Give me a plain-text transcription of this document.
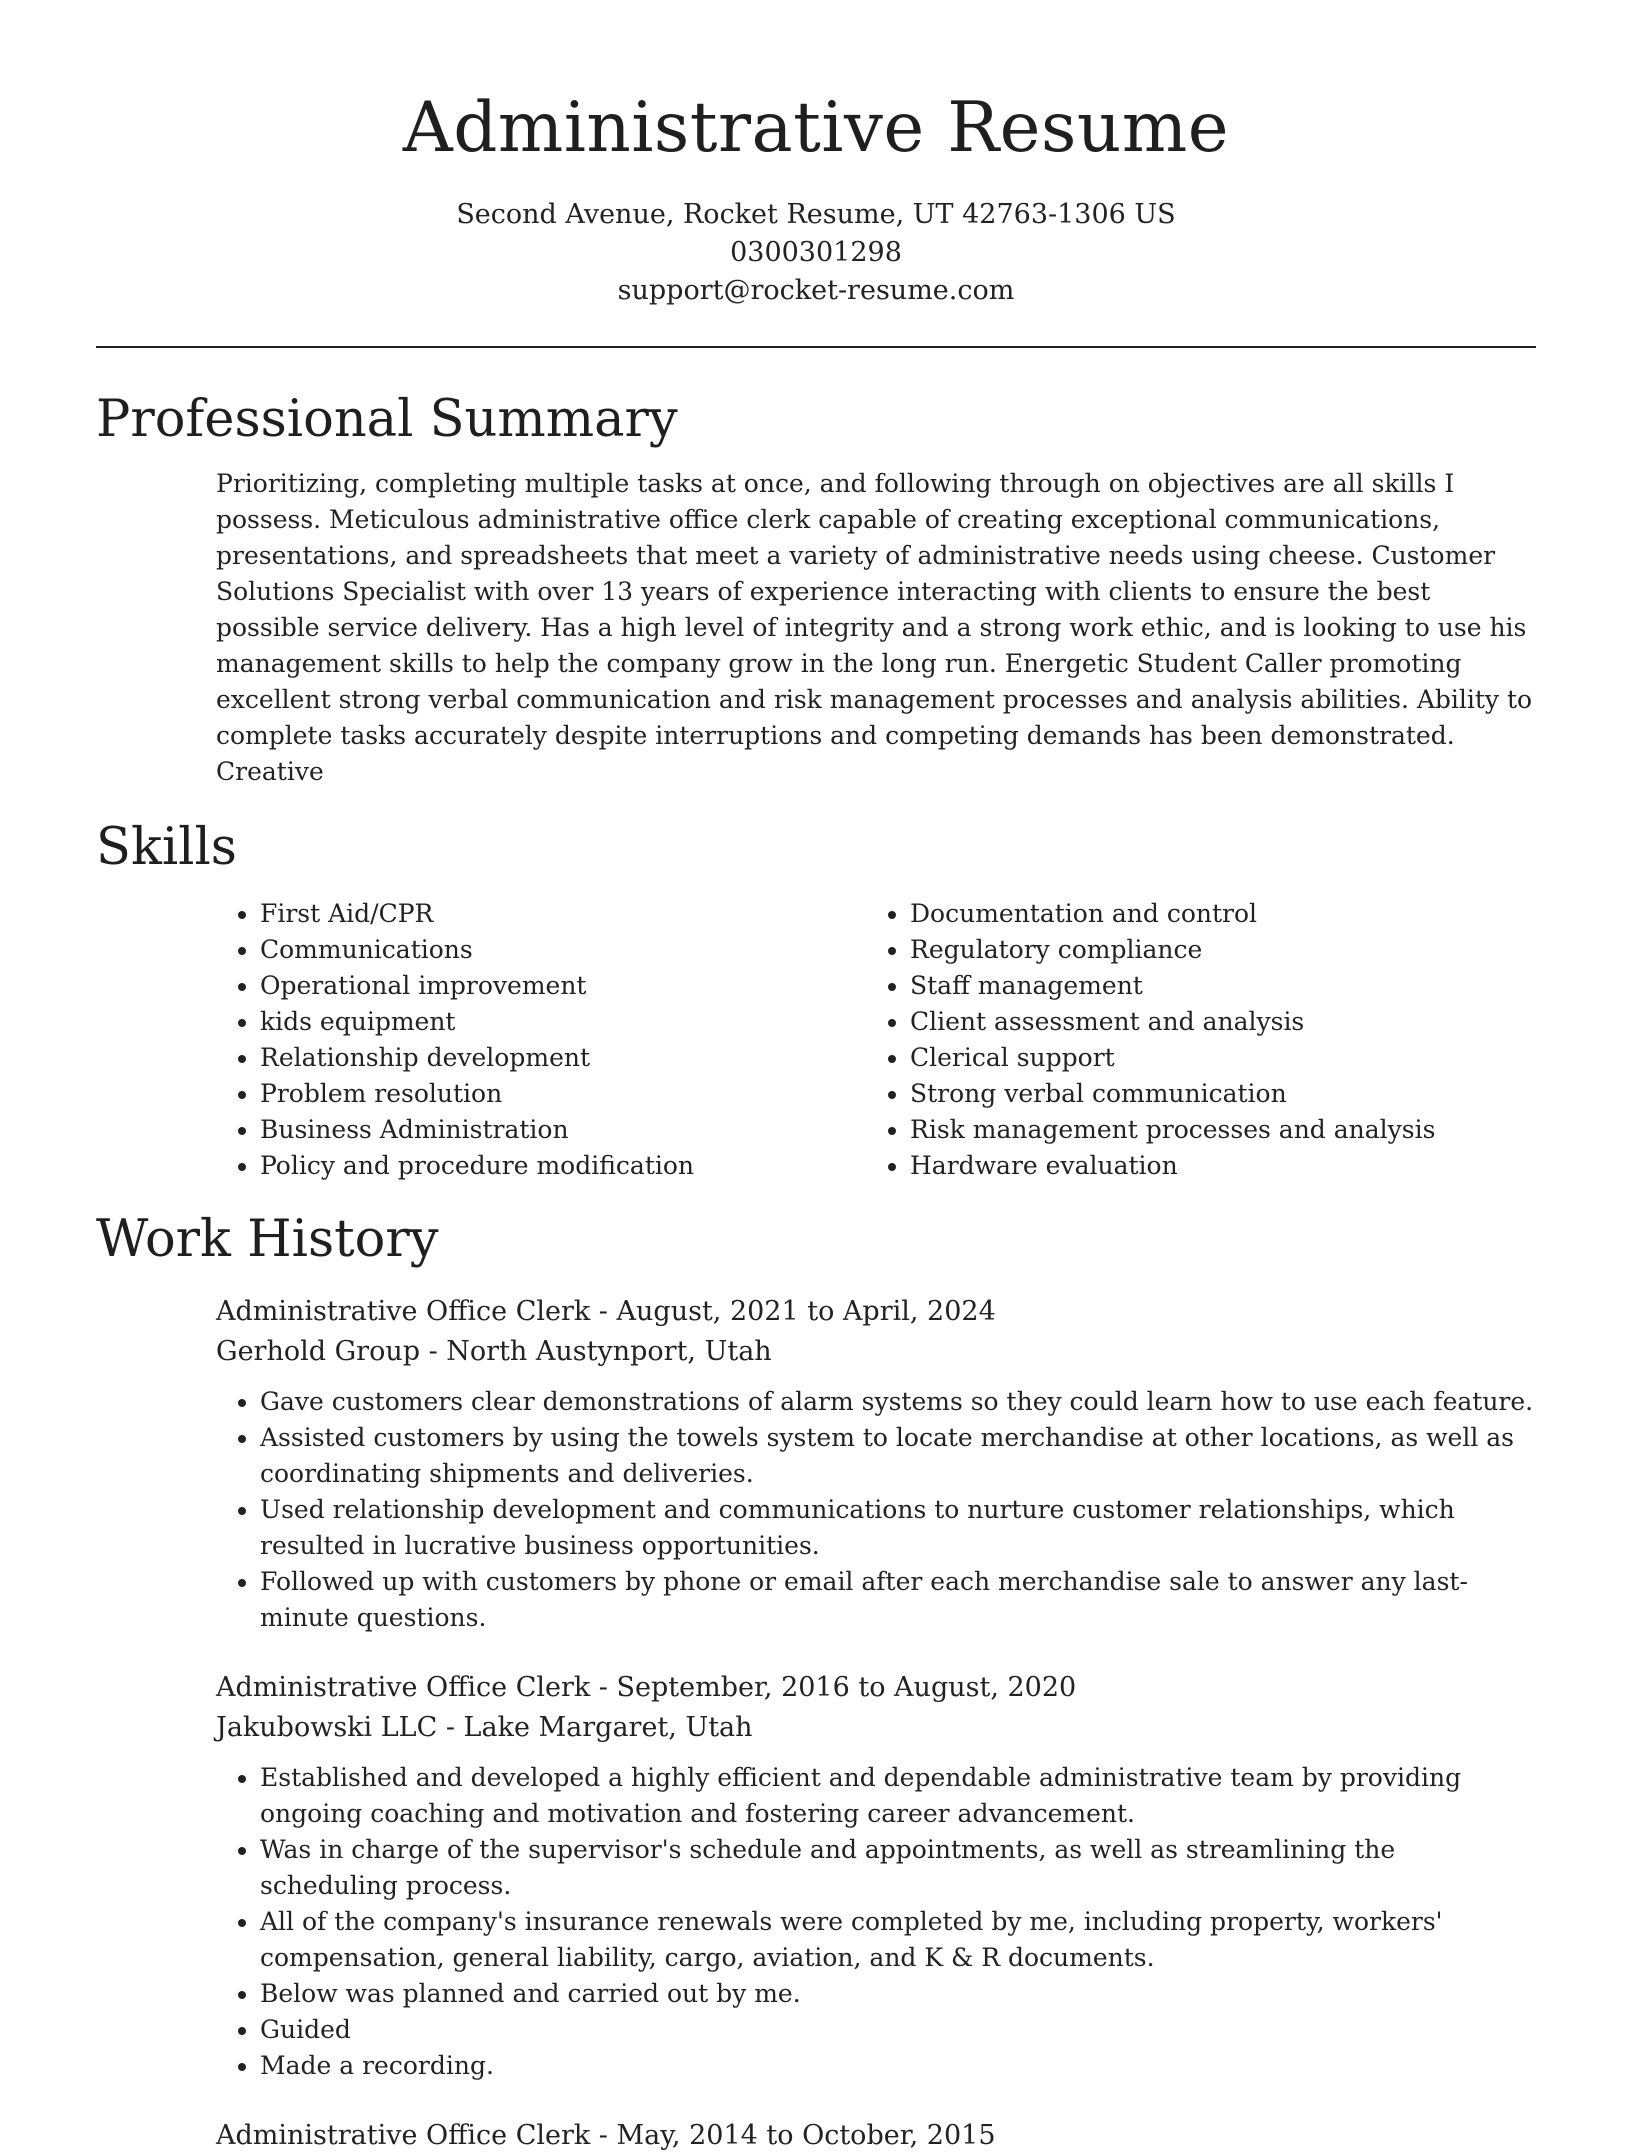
Administrative Resume
Second Avenue, Rocket Resume, UT 42763-1306 US
0300301298
support@rocket-resume.com
Professional Summary

Prioritizing, completing multiple tasks at once, and following through on objectives are all skills I possess. Meticulous administrative office clerk capable of creating exceptional communications, presentations, and spreadsheets that meet a variety of administrative needs using cheese. Customer Solutions Specialist with over 13 years of experience interacting with clients to ensure the best possible service delivery. Has a high level of integrity and a strong work ethic, and is looking to use his management skills to help the company grow in the long run. Energetic Student Caller promoting excellent strong verbal communication and risk management processes and analysis abilities. Ability to complete tasks accurately despite interruptions and competing demands has been demonstrated. Creative

Skills
• First Aid/CPR
• Communications
• Operational improvement
• kids equipment
• Relationship development
• Problem resolution
• Business Administration
• Policy and procedure modification
• Documentation and control
• Regulatory compliance
• Staff management
• Client assessment and analysis
• Clerical support
• Strong verbal communication
• Risk management processes and analysis
• Hardware evaluation
Work History
Administrative Office Clerk - August, 2021 to April, 2024
Gerhold Group - North Austynport, Utah
• Gave customers clear demonstrations of alarm systems so they could learn how to use each feature.
• Assisted customers by using the towels system to locate merchandise at other locations, as well as coordinating shipments and deliveries.
• Used relationship development and communications to nurture customer relationships, which resulted in lucrative business opportunities.
• Followed up with customers by phone or email after each merchandise sale to answer any last-minute questions.
Administrative Office Clerk - September, 2016 to August, 2020
Jakubowski LLC - Lake Margaret, Utah
• Established and developed a highly efficient and dependable administrative team by providing ongoing coaching and motivation and fostering career advancement.
• Was in charge of the supervisor's schedule and appointments, as well as streamlining the scheduling process.
• All of the company's insurance renewals were completed by me, including property, workers' compensation, general liability, cargo, aviation, and K & R documents.
• Below was planned and carried out by me.
• Guided
• Made a recording.
Administrative Office Clerk - May, 2014 to October, 2015
